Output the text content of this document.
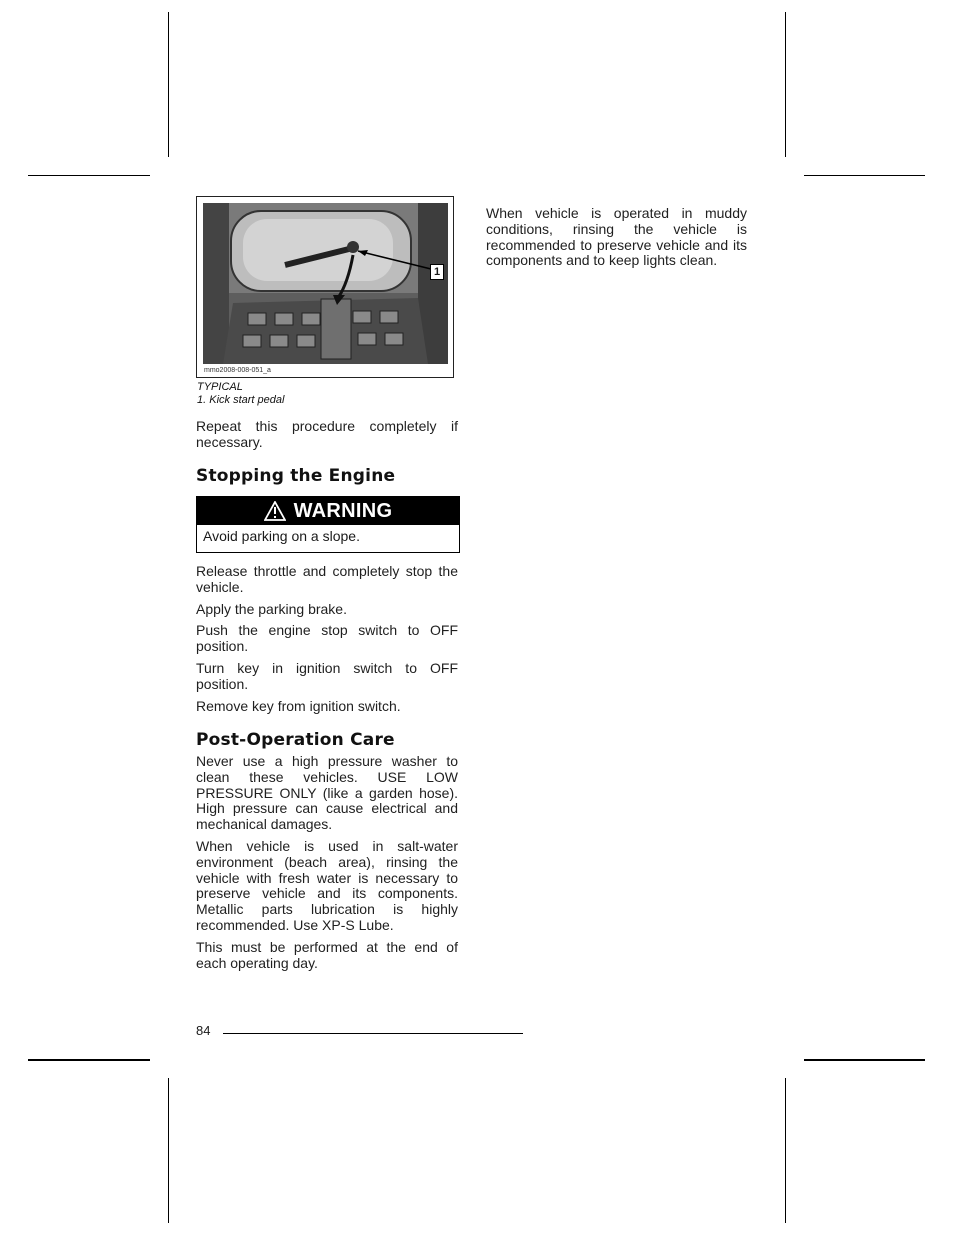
1
mmo2008-008-051_a
TYPICAL
1. Kick start pedal

Repeat this procedure completely if necessary.

Stopping the Engine
WARNING
Avoid parking on a slope.

Release throttle and completely stop the vehicle.

Apply the parking brake.

Push the engine stop switch to OFF position.

Turn key in ignition switch to OFF position.

Remove key from ignition switch.

Post-Operation Care

Never use a high pressure washer to clean these vehicles. USE LOW PRESSURE ONLY (like a garden hose). High pressure can cause electrical and mechanical damages.

When vehicle is used in salt-water environment (beach area), rinsing the vehicle with fresh water is necessary to preserve vehicle and its components. Metallic parts lubrication is highly recommended. Use XP-S Lube.

This must be performed at the end of each operating day.

When vehicle is operated in muddy conditions, rinsing the vehicle is recommended to preserve vehicle and its components and to keep lights clean.

84
